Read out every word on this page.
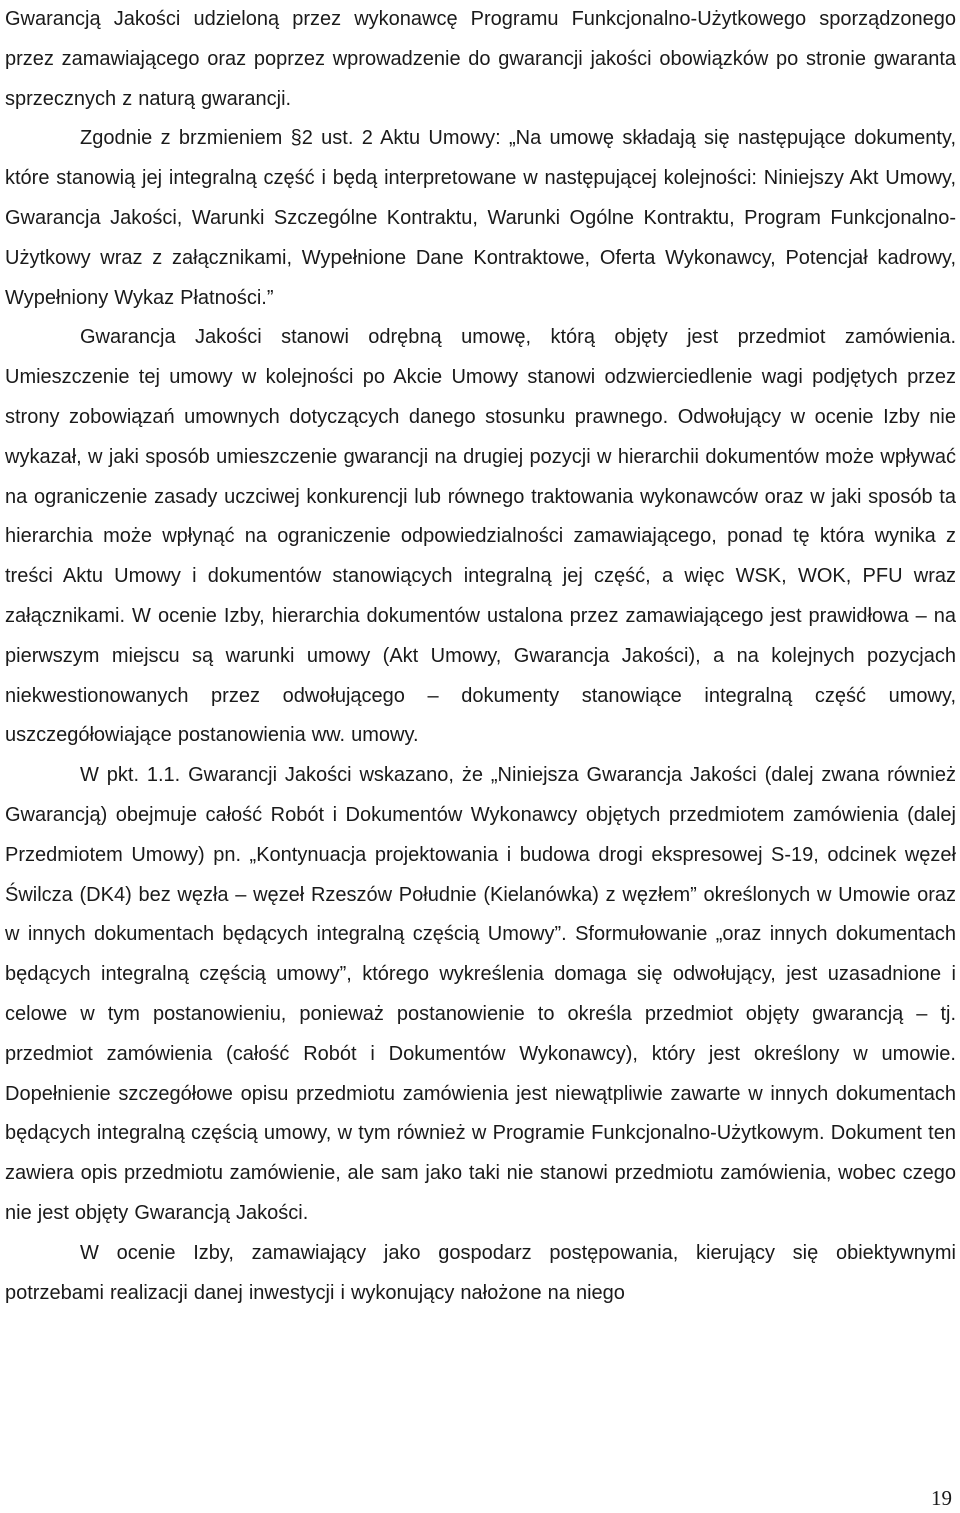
Gwarancją Jakości udzieloną przez wykonawcę Programu Funkcjonalno-Użytkowego sporządzonego przez zamawiającego oraz poprzez wprowadzenie do gwarancji jakości obowiązków po stronie gwaranta sprzecznych z naturą gwarancji.

Zgodnie z brzmieniem §2 ust. 2 Aktu Umowy: „Na umowę składają się następujące dokumenty, które stanowią jej integralną część i będą interpretowane w następującej kolejności: Niniejszy Akt Umowy, Gwarancja Jakości, Warunki Szczególne Kontraktu, Warunki Ogólne Kontraktu, Program Funkcjonalno-Użytkowy wraz z załącznikami, Wypełnione Dane Kontraktowe, Oferta Wykonawcy, Potencjał kadrowy, Wypełniony Wykaz Płatności.”

Gwarancja Jakości stanowi odrębną umowę, którą objęty jest przedmiot zamówienia. Umieszczenie tej umowy w kolejności po Akcie Umowy stanowi odzwierciedlenie wagi podjętych przez strony zobowiązań umownych dotyczących danego stosunku prawnego. Odwołujący w ocenie Izby nie wykazał, w jaki sposób umieszczenie gwarancji na drugiej pozycji w hierarchii dokumentów może wpływać na ograniczenie zasady uczciwej konkurencji lub równego traktowania wykonawców oraz w jaki sposób ta hierarchia może wpłynąć na ograniczenie odpowiedzialności zamawiającego, ponad tę która wynika z treści Aktu Umowy i dokumentów stanowiących integralną jej część, a więc WSK, WOK, PFU wraz załącznikami. W ocenie Izby, hierarchia dokumentów ustalona przez zamawiającego jest prawidłowa – na pierwszym miejscu są warunki umowy (Akt Umowy, Gwarancja Jakości), a na kolejnych pozycjach niekwestionowanych przez odwołującego – dokumenty stanowiące integralną część umowy, uszczegółowiające postanowienia ww. umowy.

W pkt. 1.1. Gwarancji Jakości wskazano, że „Niniejsza Gwarancja Jakości (dalej zwana również Gwarancją) obejmuje całość Robót i Dokumentów Wykonawcy objętych przedmiotem zamówienia (dalej Przedmiotem Umowy) pn. „Kontynuacja projektowania i budowa drogi ekspresowej S-19, odcinek węzeł Świlcza (DK4) bez węzła – węzeł Rzeszów Południe (Kielanówka) z węzłem” określonych w Umowie oraz w innych dokumentach będących integralną częścią Umowy”. Sformułowanie „oraz innych dokumentach będących integralną częścią umowy”, którego wykreślenia domaga się odwołujący, jest uzasadnione i celowe w tym postanowieniu, ponieważ postanowienie to określa przedmiot objęty gwarancją – tj. przedmiot zamówienia (całość Robót i Dokumentów Wykonawcy), który jest określony w umowie. Dopełnienie szczegółowe opisu przedmiotu zamówienia jest niewątpliwie zawarte w innych dokumentach będących integralną częścią umowy, w tym również w Programie Funkcjonalno-Użytkowym. Dokument ten zawiera opis przedmiotu zamówienie, ale sam jako taki nie stanowi przedmiotu zamówienia, wobec czego nie jest objęty Gwarancją Jakości.

W ocenie Izby, zamawiający jako gospodarz postępowania, kierujący się obiektywnymi potrzebami realizacji danej inwestycji i wykonujący nałożone na niego

19
